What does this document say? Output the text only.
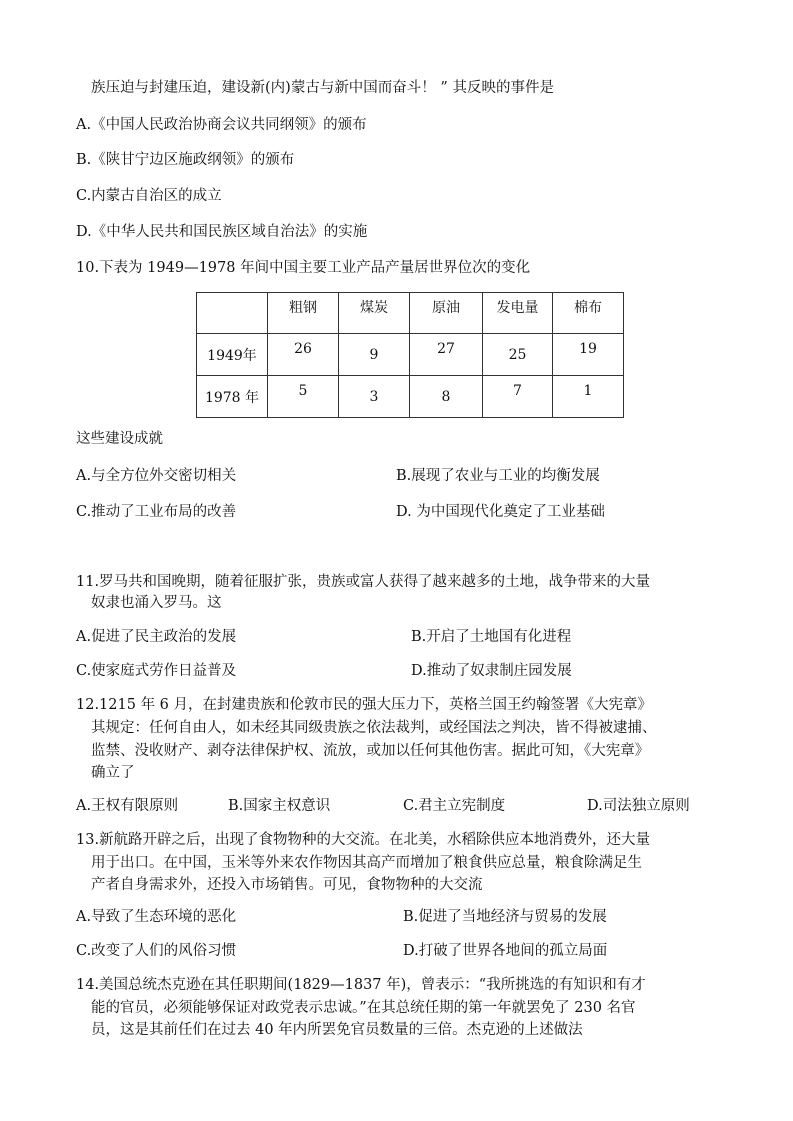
族压迫与封建压迫，建设新(内)蒙古与新中国而奋斗！ ” 其反映的事件是
A.《中国人民政治协商会议共同纲领》的颁布
B.《陕甘宁边区施政纲领》的颁布
C.内蒙古自治区的成立
D.《中华人民共和国民族区域自治法》的实施
10.下表为 1949—1978 年间中国主要工业产品产量居世界位次的变化
	粗钢	煤炭	原油	发电量	棉布
1949年	26	9	27	25	19
1978 年	5	3	8	7	1
这些建设成就
A.与全方位外交密切相关	B.展现了农业与工业的均衡发展
C.推动了工业布局的改善	D. 为中国现代化奠定了工业基础
11.罗马共和国晚期，随着征服扩张，贵族或富人获得了越来越多的土地，战争带来的大量
奴隶也涌入罗马。这
A.促进了民主政治的发展	B.开启了土地国有化进程
C.使家庭式劳作日益普及	D.推动了奴隶制庄园发展
12.1215 年 6 月，在封建贵族和伦敦市民的强大压力下，英格兰国王约翰签署《大宪章》
其规定：任何自由人，如未经其同级贵族之依法裁判，或经国法之判决，皆不得被逮捕、
监禁、没收财产、剥夺法律保护权、流放，或加以任何其他伤害。据此可知，《大宪章》
确立了
A.王权有限原则	B.国家主权意识	C.君主立宪制度	D.司法独立原则
13.新航路开辟之后，出现了食物物种的大交流。在北美，水稻除供应本地消费外，还大量
用于出口。在中国，玉米等外来农作物因其高产而增加了粮食供应总量，粮食除满足生
产者自身需求外，还投入市场销售。可见，食物物种的大交流
A.导致了生态环境的恶化	B.促进了当地经济与贸易的发展
C.改变了人们的风俗习惯	D.打破了世界各地间的孤立局面
14.美国总统杰克逊在其任职期间(1829—1837 年)，曾表示：“我所挑选的有知识和有才
能的官员，必须能够保证对政党表示忠诚。”在其总统任期的第一年就罢免了 230 名官
员，这是其前任们在过去 40 年内所罢免官员数量的三倍。杰克逊的上述做法
